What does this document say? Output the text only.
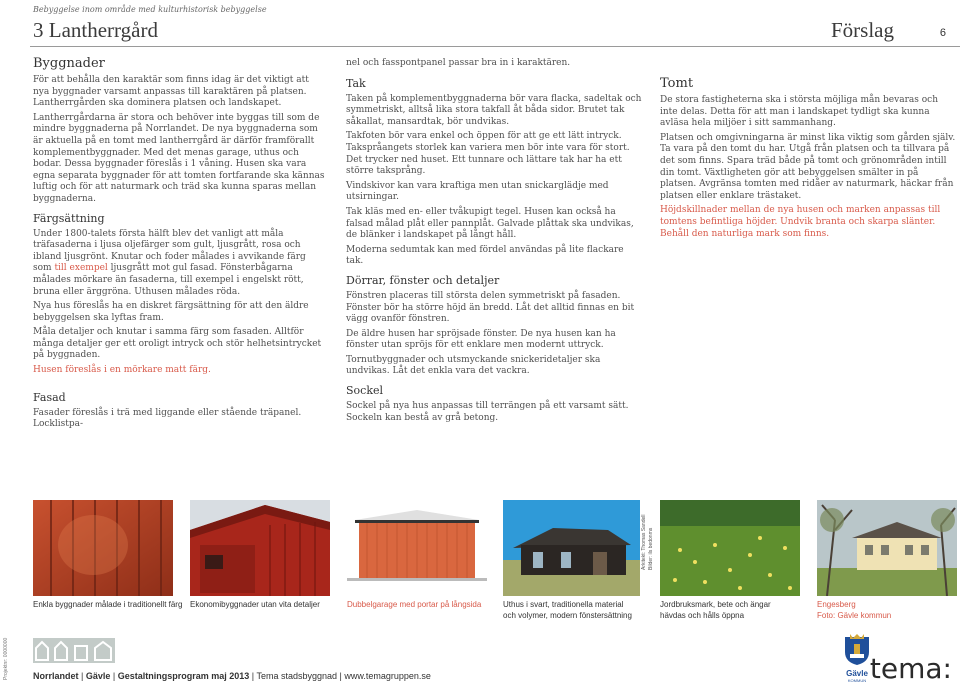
Bebyggelse inom område med kulturhistorisk bebyggelse
3 Lantherrgård	Förslag	6
Byggnader

För att behålla den karaktär som finns idag är det viktigt att nya byggnader varsamt anpassas till karaktären på platsen. Lantherrgården ska dominera platsen och landskapet.

Lantherrgårdarna är stora och behöver inte byggas till som de mindre byggnaderna på Norrlandet. De nya byggnaderna som är aktuella på en tomt med lantherrgård är därför framförallt komplementbyggnader. Med det menas garage, uthus och bodar. Dessa byggnader föreslås i 1 våning. Husen ska vara egna separata byggnader för att tomten fortfarande ska kännas luftig och för att naturmark och träd ska kunna sparas mellan byggnaderna.

Färgsättning

Under 1800-talets första hälft blev det vanligt att måla träfasaderna i ljusa oljefärger som gult, ljusgrått, rosa och ibland ljusgrönt. Knutar och foder målades i avvikande färg som till exempel ljusgrått mot gul fasad. Fönsterbågarna målades mörkare än fasaderna, till exempel i engelskt rött, bruna eller ärggröna. Uthusen målades röda.

Nya hus föreslås ha en diskret färgsättning för att den äldre bebyggelsen ska lyftas fram.

Måla detaljer och knutar i samma färg som fasaden. Alltför många detaljer ger ett oroligt intryck och stör helhetsintrycket på byggnaden.

Husen föreslås i en mörkare matt färg.

Fasad

Fasader föreslås i trä med liggande eller stående träpanel. Locklistpa-

nel och fasspontpanel passar bra in i karaktären.

Tak

Taken på komplementbyggnaderna bör vara flacka, sadeltak och symmetriskt, alltså lika stora takfall åt båda sidor. Brutet tak såkallat, mansardtak, bör undvikas.

Takfoten bör vara enkel och öppen för att ge ett lätt intryck. Takspråangets storlek kan variera men bör inte vara för stort. Det trycker ned huset. Ett tunnare och lättare tak har ha ett större taksprång.

Vindskivor kan vara kraftiga men utan snickarglädje med utsirningar.

Tak kläs med en- eller tvåkupigt tegel. Husen kan också ha falsad målad plåt eller pannplåt. Galvade plåttak ska undvikas, de blänker i landskapet på långt håll.

Moderna sedumtak kan med fördel användas på lite flackare tak.

Dörrar, fönster och detaljer

Fönstren placeras till största delen symmetriskt på fasaden. Fönster bör ha större höjd än bredd. Låt det alltid finnas en bit vägg ovanför fönstren.

De äldre husen har spröjsade fönster. De nya husen kan ha fönster utan spröjs för ett enklare men modernt uttryck.

Tornutbyggnader och utsmyckande snickeridetaljer ska undvikas. Låt det enkla vara det vackra.

Sockel

Sockel på nya hus anpassas till terrängen på ett varsamt sätt. Sockeln kan bestå av grå betong.

Tomt

De stora fastigheterna ska i största möjliga mån bevaras och inte delas. Detta för att man i landskapet tydligt ska kunna avläsa hela miljöer i sitt sammanhang.

Platsen och omgivningarna är minst lika viktig som gården själv. Ta vara på den tomt du har. Utgå från platsen och ta tillvara på det som finns. Spara träd både på tomt och grönområden intill din tomt. Växtligheten gör att bebyggelsen smälter in på platsen. Avgränsa tomten med ridåer av naturmark, häckar från platsen eller enklare trästaket.

Höjdskillnader mellan de nya husen och marken anpassas till tomtens befintliga höjder. Undvik branta och skarpa slänter. Behåll den naturliga mark som finns.

Arkitekt: Thomas Sandell Bilder: ils bedonms
Enkla byggnader målade i traditionellt färg Ekonomibyggnader utan vita detaljer	Dubbelgarage med portar på långsida	Uthus i svart, traditionella material
och volymer, modern fönstersättning
Jordbruksmark, bete och ängar
hävdas och hålls öppna
Engesberg
Foto: Gävle kommun
Projektnr: 0000000	Norrlandet | Gävle | Gestaltningsprogram maj 2013 | Tema stadsbyggnad | www.temagruppen.se	Gävle
KOMMUN tema:
